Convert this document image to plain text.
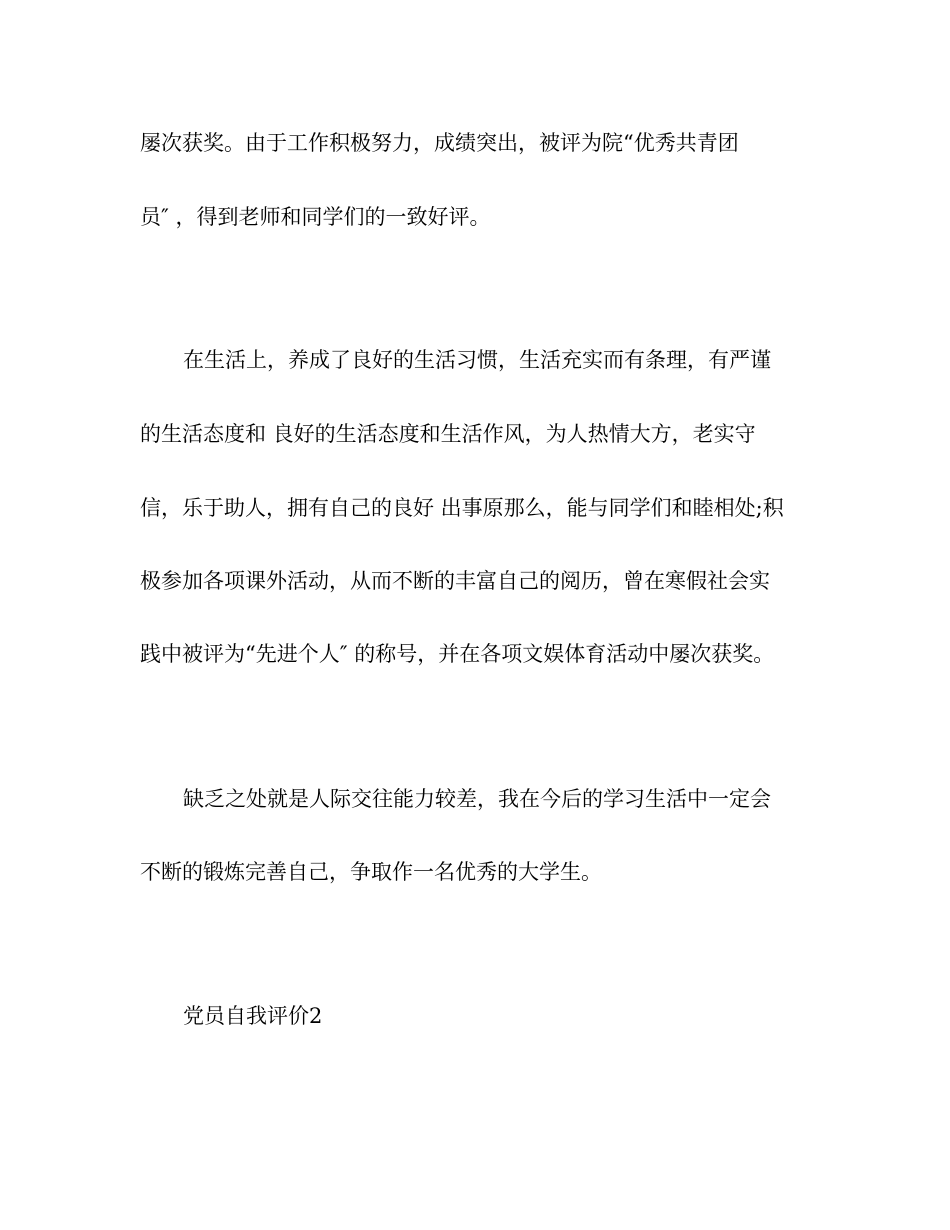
屡次获奖。由于工作积极努力，成绩突出，被评为院“优秀共青团

员″ ，得到老师和同学们的一致好评。

在生活上，养成了良好的生活习惯，生活充实而有条理，有严谨

的生活态度和 良好的生活态度和生活作风，为人热情大方，老实守

信，乐于助人，拥有自己的良好 出事原那么，能与同学们和睦相处;积

极参加各项课外活动，从而不断的丰富自己的阅历，曾在寒假社会实

践中被评为“先进个人″ 的称号，并在各项文娱体育活动中屡次获奖。

缺乏之处就是人际交往能力较差，我在今后的学习生活中一定会

不断的锻炼完善自己，争取作一名优秀的大学生。

党员自我评价2
